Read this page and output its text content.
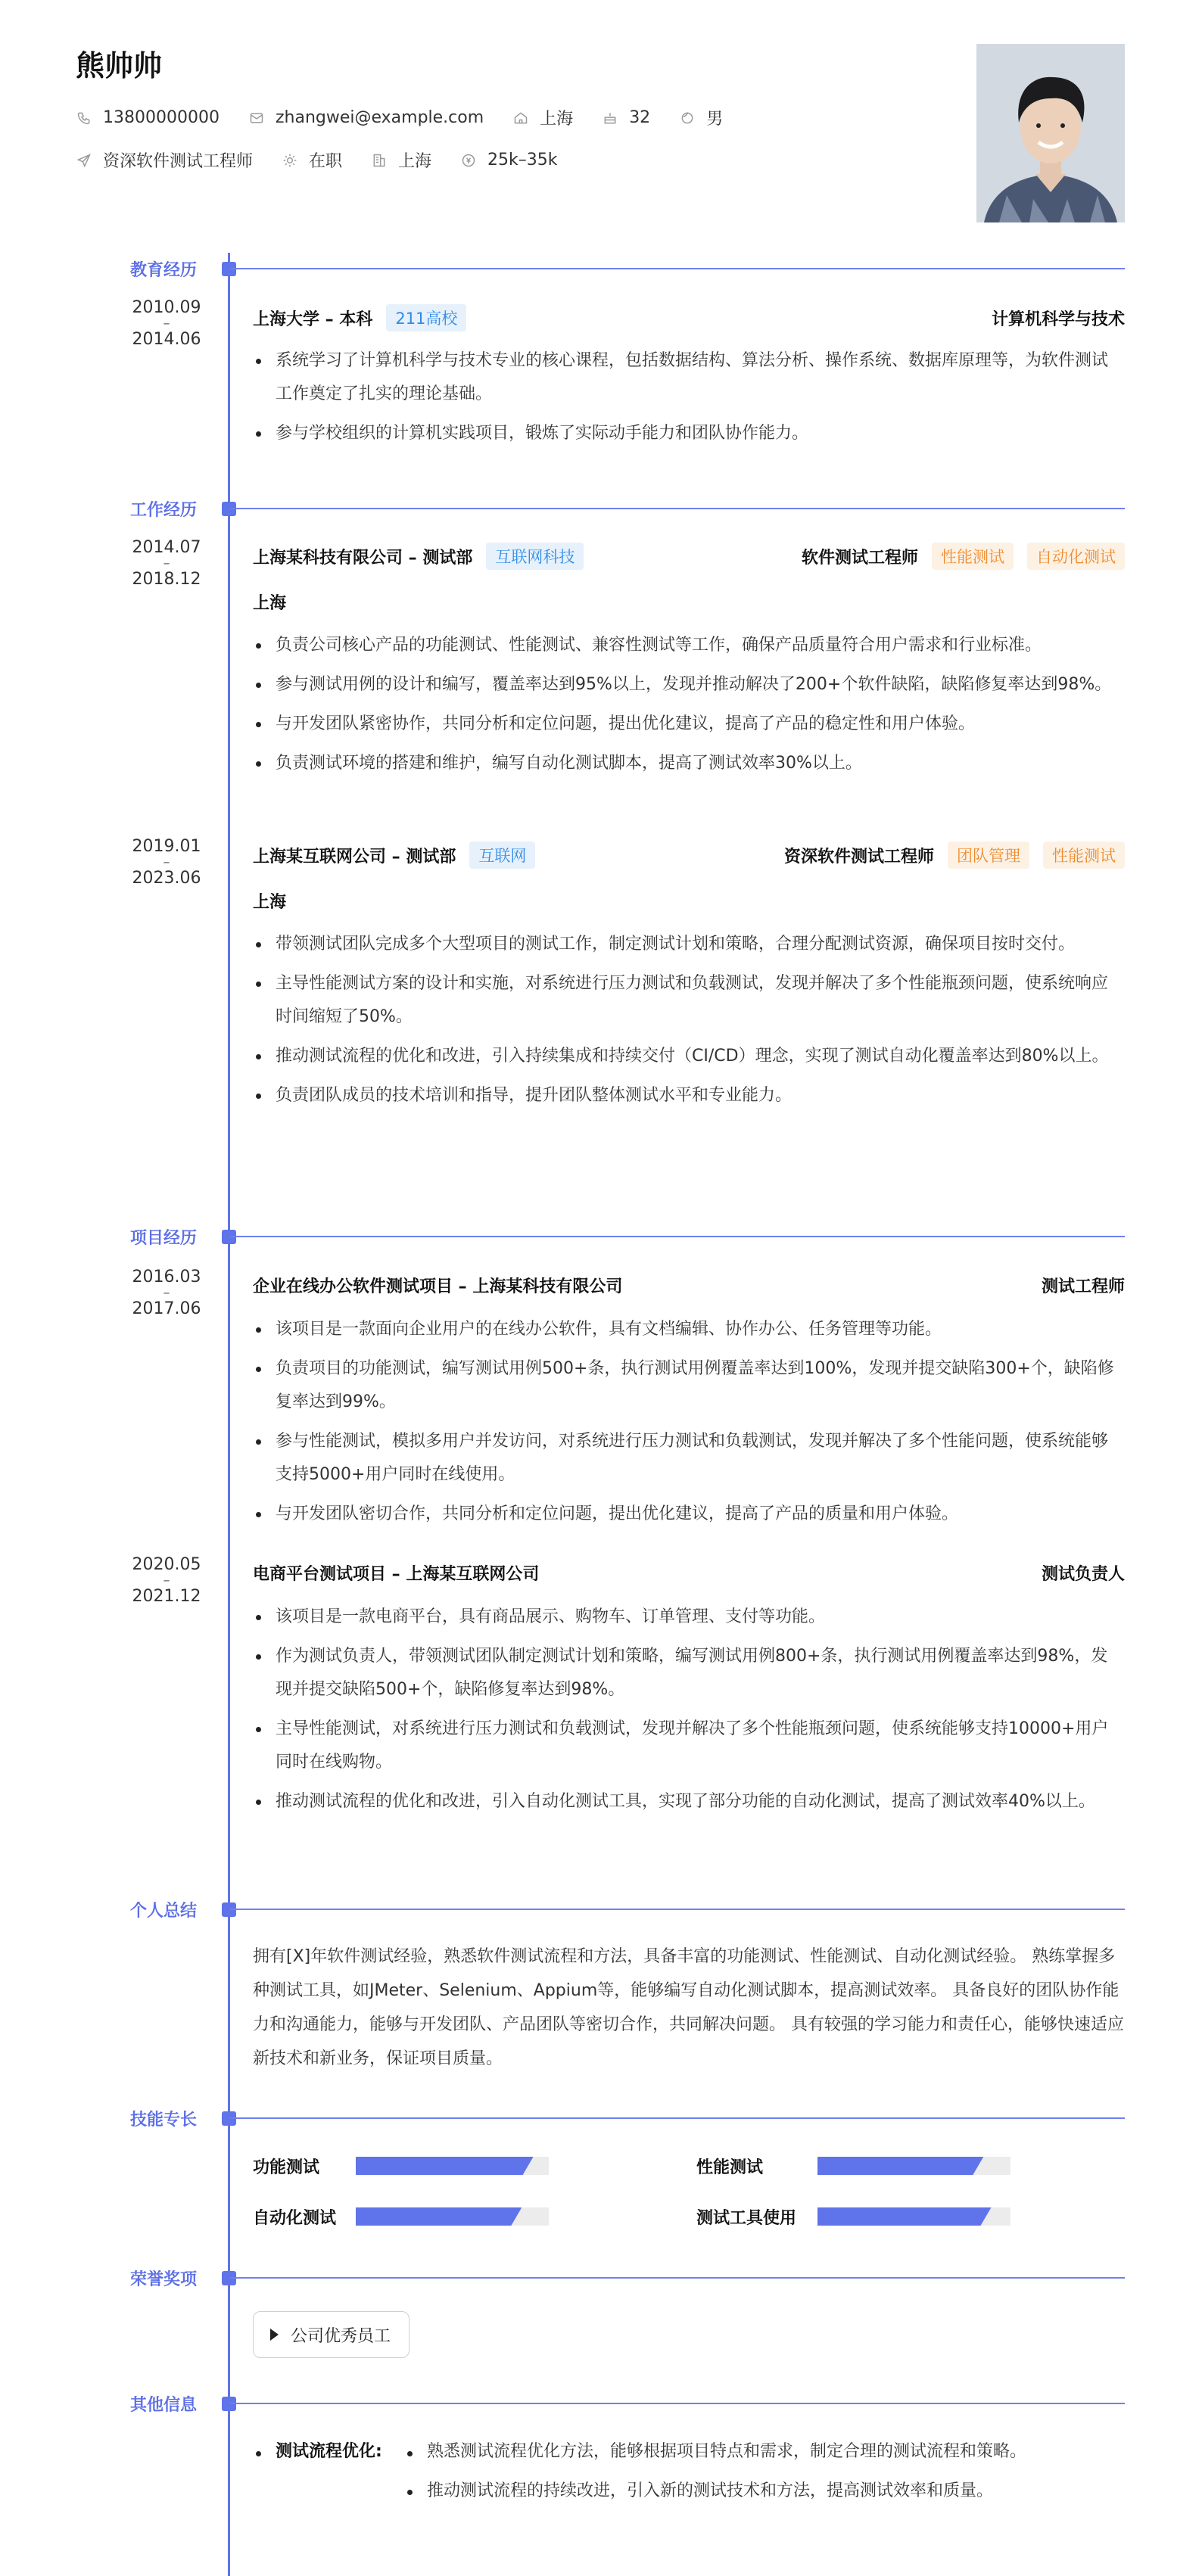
熊帅帅
13800000000	zhangwei@example.com	上海	32	男
资深软件测试工程师	在职	上海	25k–35k
教育经历
2010.09
–
2014.06
上海大学 – 本科	211高校	计算机科学与技术
系统学习了计算机科学与技术专业的核心课程，包括数据结构、算法分析、操作系统、数据库原理等，为软件测试工作奠定了扎实的理论基础。
参与学校组织的计算机实践项目，锻炼了实际动手能力和团队协作能力。
工作经历
2014.07
–
2018.12
上海某科技有限公司 – 测试部	互联网科技	软件测试工程师	性能测试	自动化测试
上海
负责公司核心产品的功能测试、性能测试、兼容性测试等工作，确保产品质量符合用户需求和行业标准。
参与测试用例的设计和编写，覆盖率达到95%以上，发现并推动解决了200+个软件缺陷，缺陷修复率达到98%。
与开发团队紧密协作，共同分析和定位问题，提出优化建议，提高了产品的稳定性和用户体验。
负责测试环境的搭建和维护，编写自动化测试脚本，提高了测试效率30%以上。
2019.01
–
2023.06
上海某互联网公司 – 测试部	互联网	资深软件测试工程师	团队管理	性能测试
上海
带领测试团队完成多个大型项目的测试工作，制定测试计划和策略，合理分配测试资源，确保项目按时交付。
主导性能测试方案的设计和实施，对系统进行压力测试和负载测试，发现并解决了多个性能瓶颈问题，使系统响应时间缩短了50%。
推动测试流程的优化和改进，引入持续集成和持续交付（CI/CD）理念，实现了测试自动化覆盖率达到80%以上。
负责团队成员的技术培训和指导，提升团队整体测试水平和专业能力。
项目经历
2016.03
–
2017.06
企业在线办公软件测试项目 – 上海某科技有限公司	测试工程师
该项目是一款面向企业用户的在线办公软件，具有文档编辑、协作办公、任务管理等功能。
负责项目的功能测试，编写测试用例500+条，执行测试用例覆盖率达到100%，发现并提交缺陷300+个，缺陷修复率达到99%。
参与性能测试，模拟多用户并发访问，对系统进行压力测试和负载测试，发现并解决了多个性能问题，使系统能够支持5000+用户同时在线使用。
与开发团队密切合作，共同分析和定位问题，提出优化建议，提高了产品的质量和用户体验。
2020.05
–
2021.12
电商平台测试项目 – 上海某互联网公司	测试负责人
该项目是一款电商平台，具有商品展示、购物车、订单管理、支付等功能。
作为测试负责人，带领测试团队制定测试计划和策略，编写测试用例800+条，执行测试用例覆盖率达到98%，发现并提交缺陷500+个，缺陷修复率达到98%。
主导性能测试，对系统进行压力测试和负载测试，发现并解决了多个性能瓶颈问题，使系统能够支持10000+用户同时在线购物。
推动测试流程的优化和改进，引入自动化测试工具，实现了部分功能的自动化测试，提高了测试效率40%以上。
个人总结
拥有[X]年软件测试经验，熟悉软件测试流程和方法，具备丰富的功能测试、性能测试、自动化测试经验。 熟练掌握多种测试工具，如JMeter、Selenium、Appium等，能够编写自动化测试脚本，提高测试效率。 具备良好的团队协作能力和沟通能力，能够与开发团队、产品团队等密切合作，共同解决问题。 具有较强的学习能力和责任心，能够快速适应新技术和新业务，保证项目质量。
技能专长
功能测试	性能测试
自动化测试	测试工具使用
荣誉奖项
公司优秀员工
其他信息
测试流程优化:	熟悉测试流程优化方法，能够根据项目特点和需求，制定合理的测试流程和策略。
推动测试流程的持续改进，引入新的测试技术和方法，提高测试效率和质量。
